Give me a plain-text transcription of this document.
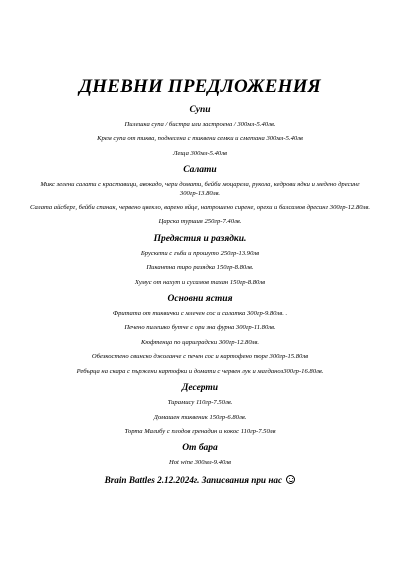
ДНЕВНИ ПРЕДЛОЖЕНИЯ
Супи
Пилешка супа / бистра или застроена / 300мл-5.40лв.
Крем супа от тиква, поднесена с тиквени семки и сметана 300мл-5.40лв
Леща 300мл-5.40лв
Салати
Микс зелени салати с краставици, авокадо, чери домати, бейби моцарела, рукола, кедрови ядки и медено дресинг 300гр-13.80лв.
Салата айсберг, бейби спанак, червено цвекло, варено яйце, натрошено сирене, орехи и балсамов дресинг 300гр-12.80лв.
Царска туршия 250гр-7.40лв.
Предястия и разядки.
Брускети с гъби и прошуто 250гр-13.90лв
Пикантна тиро разядка 150гр-8.80лв.
Хумус от нахут и сусамов тахан 150гр-8.80лв
Основни ястия
Фритата от тиквички с млечен сос и салатка 300гр-9.80лв. .
Печено пилешко бутче с ори зна фурна 300гр-11.80лв.
Кюфтенца по цариградски 300гр-12.80лв.
Обезкостено свинско джоланче с печен сос и картофено пюре 300гр-15.80лв
Ребърца на скара с пържени картофки и домати с червен лук и магданоз300гр-16.80лв.
Десерти
Тирамису 110гр-7.50лв.
Домашен тиквеник 150гр-6.80лв.
Торта Малибу с плодов гренадин и кокос 110гр-7.50лв
От бара
Hot wine 300мл-9.40лв
Brain Battles 2.12.2024г. Записвания при нас
